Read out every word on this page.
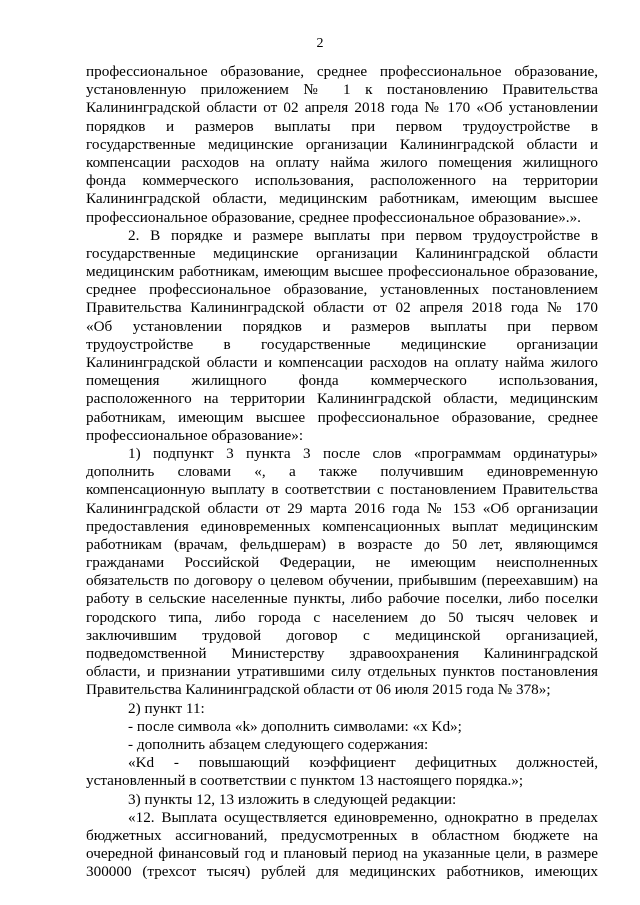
2
профессиональное образование, среднее профессиональное образование,
установленную приложением № 1 к постановлению Правительства
Калининградской области от 02 апреля 2018 года № 170 «Об установлении
порядков и размеров выплаты при первом трудоустройстве в
государственные медицинские организации Калининградской области и
компенсации расходов на оплату найма жилого помещения жилищного
фонда коммерческого использования, расположенного на территории
Калининградской области, медицинским работникам, имеющим высшее
профессиональное образование, среднее профессиональное образование».».
2. В порядке и размере выплаты при первом трудоустройстве в
государственные медицинские организации Калининградской области
медицинским работникам, имеющим высшее профессиональное образование,
среднее профессиональное образование, установленных постановлением
Правительства Калининградской области от 02 апреля 2018 года № 170
«Об установлении порядков и размеров выплаты при первом
трудоустройстве в государственные медицинские организации
Калининградской области и компенсации расходов на оплату найма жилого
помещения жилищного фонда коммерческого использования,
расположенного на территории Калининградской области, медицинским
работникам, имеющим высшее профессиональное образование, среднее
профессиональное образование»:
1) подпункт 3 пункта 3 после слов «программам ординатуры»
дополнить словами «, а также получившим единовременную
компенсационную выплату в соответствии с постановлением Правительства
Калининградской области от 29 марта 2016 года № 153 «Об организации
предоставления единовременных компенсационных выплат медицинским
работникам (врачам, фельдшерам) в возрасте до 50 лет, являющимся
гражданами Российской Федерации, не имеющим неисполненных
обязательств по договору о целевом обучении, прибывшим (переехавшим) на
работу в сельские населенные пункты, либо рабочие поселки, либо поселки
городского типа, либо города с населением до 50 тысяч человек и
заключившим трудовой договор с медицинской организацией,
подведомственной Министерству здравоохранения Калининградской
области, и признании утратившими силу отдельных пунктов постановления
Правительства Калининградской области от 06 июля 2015 года № 378»;
2) пункт 11:
- после символа «k» дополнить символами: «x Kd»;
- дополнить абзацем следующего содержания:
«Kd - повышающий коэффициент дефицитных должностей,
установленный в соответствии с пунктом 13 настоящего порядка.»;
3) пункты 12, 13 изложить в следующей редакции:
«12. Выплата осуществляется единовременно, однократно в пределах
бюджетных ассигнований, предусмотренных в областном бюджете на
очередной финансовый год и плановый период на указанные цели, в размере
300000 (трехсот тысяч) рублей для медицинских работников, имеющих
